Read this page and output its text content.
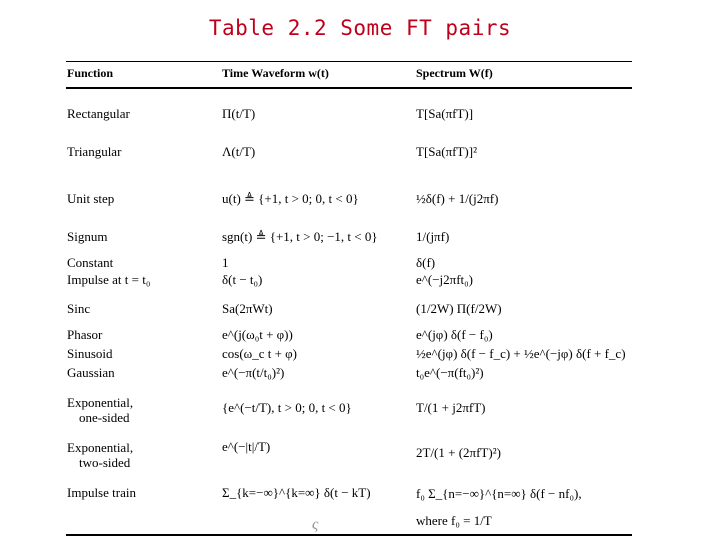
Table 2.2 Some FT pairs
Function	Time Waveform w(t)	Spectrum W(f)
Rectangular	Π(t/T)	T[Sa(πfT)]
Triangular	Λ(t/T)	T[Sa(πfT)]²
Unit step	u(t) ≜ {+1, t > 0; 0, t < 0}	½δ(f) + 1/(j2πf)
Signum	sgn(t) ≜ {+1, t > 0; −1, t < 0}	1/(jπf)
Constant	1	δ(f)
Impulse at t = t₀	δ(t − t₀)	e^(−j2πft₀)
Sinc	Sa(2πWt)	(1/2W) Π(f/2W)
Phasor	e^(j(ω₀t + φ))	e^(jφ) δ(f − f₀)
Sinusoid	cos(ω_c t + φ)	½e^(jφ) δ(f − f_c) + ½e^(−jφ) δ(f + f_c)
Gaussian	e^(−π(t/t₀)²)	t₀e^(−π(ft₀)²)
Exponential,
one-sided
{e^(−t/T), t > 0; 0, t < 0}	T/(1 + j2πfT)
Exponential,
two-sided
e^(−|t|/T)	2T/(1 + (2πfT)²)
Impulse train	Σ_{k=−∞}^{k=∞} δ(t − kT)	f₀ Σ_{n=−∞}^{n=∞} δ(f − nf₀),
where f₀ = 1/T
ς
